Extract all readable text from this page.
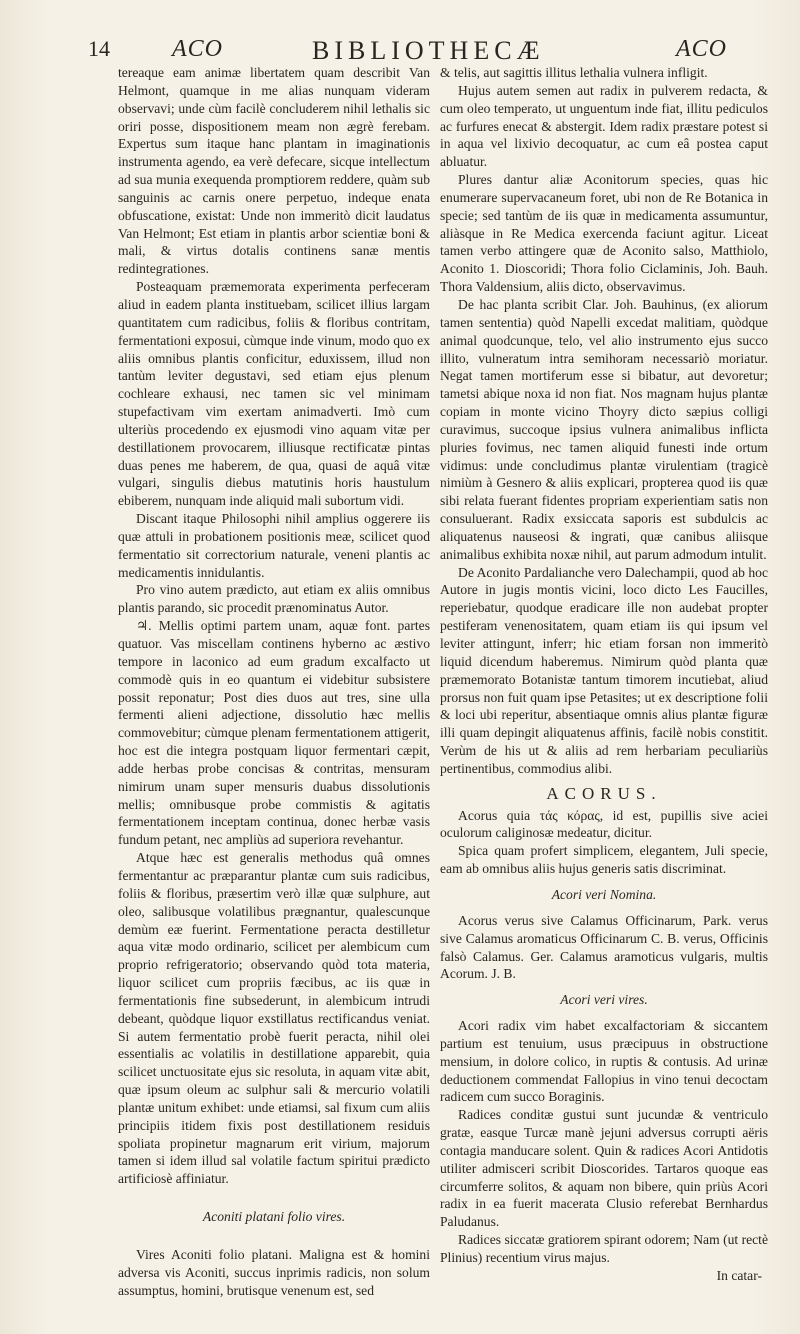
14	ACO	BIBLIOTHECÆ	ACO

tereaque eam animæ libertatem quam describit Van Helmont, quamque in me alias nunquam videram observavi; unde cùm facilè concluderem nihil lethalis sic oriri posse, dispositionem meam non ægrè ferebam. Expertus sum itaque hanc plantam in imaginationis instrumenta agendo, ea verè defecare, sicque intellectum ad sua munia exequenda promptiorem reddere, quàm sub sanguinis ac carnis onere perpetuo, indeque enata obfuscatione, existat: Unde non immeritò dicit laudatus Van Helmont; Est etiam in plantis arbor scientiæ boni & mali, & virtus dotalis continens sanæ mentis redintegrationes.

Posteaquam præmemorata experimenta perfeceram aliud in eadem planta instituebam, scilicet illius largam quantitatem cum radicibus, foliis & floribus contritam, fermentationi exposui, cùmque inde vinum, modo quo ex aliis omnibus plantis conficitur, eduxissem, illud non tantùm leviter degustavi, sed etiam ejus plenum cochleare exhausi, nec tamen sic vel minimam stupefactivam vim exertam animadverti. Imò cum ulteriùs procedendo ex ejusmodi vino aquam vitæ per destillationem provocarem, illiusque rectificatæ pintas duas penes me haberem, de qua, quasi de aquâ vitæ vulgari, singulis diebus matutinis horis haustulum ebiberem, nunquam inde aliquid mali subortum vidi.

Discant itaque Philosophi nihil amplius oggerere iis quæ attuli in probationem positionis meæ, scilicet quod fermentatio sit correctorium naturale, veneni plantis ac medicamentis innidulantis.

Pro vino autem prædicto, aut etiam ex aliis omnibus plantis parando, sic procedit prænominatus Autor.

♃. Mellis optimi partem unam, aquæ font. partes quatuor. Vas miscellam continens hyberno ac æstivo tempore in laconico ad eum gradum excalfacto ut commodè quis in eo quantum ei videbitur subsistere possit reponatur; Post dies duos aut tres, sine ulla fermenti alieni adjectione, dissolutio hæc mellis commovebitur; cùmque plenam fermentationem attigerit, hoc est die integra postquam liquor fermentari cæpit, adde herbas probe concisas & contritas, mensuram nimirum unam super mensuris duabus dissolutionis mellis; omnibusque probe commistis & agitatis fermentationem inceptam continua, donec herbæ vasis fundum petant, nec ampliùs ad superiora revehantur.

Atque hæc est generalis methodus quâ omnes fermentantur ac præparantur plantæ cum suis radicibus, foliis & floribus, præsertim verò illæ quæ sulphure, aut oleo, salibusque volatilibus prægnantur, qualescunque demùm eæ fuerint. Fermentatione peracta destilletur aqua vitæ modo ordinario, scilicet per alembicum cum proprio refrigeratorio; observando quòd tota materia, liquor scilicet cum propriis fæcibus, ac iis quæ in fermentationis fine subsederunt, in alembicum intrudi debeant, quòdque liquor exstillatus rectificandus veniat. Si autem fermentatio probè fuerit peracta, nihil olei essentialis ac volatilis in destillatione apparebit, quia scilicet unctuositate ejus sic resoluta, in aquam vitæ abit, quæ ipsum oleum ac sulphur sali & mercurio volatili plantæ unitum exhibet: unde etiamsi, sal fixum cum aliis principiis itidem fixis post destillationem residuis spoliata propinetur magnarum erit virium, majorum tamen si idem illud sal volatile factum spiritui prædicto artificiosè affiniatur.

Aconiti platani folio vires.

Vires Aconiti folio platani. Maligna est & homini adversa vis Aconiti, succus inprimis radicis, non solum assumptus, homini, brutisque venenum est, sed

& telis, aut sagittis illitus lethalia vulnera infligit.

Hujus autem semen aut radix in pulverem redacta, & cum oleo temperato, ut unguentum inde fiat, illitu pediculos ac furfures enecat & abstergit. Idem radix præstare potest si in aqua vel lixivio decoquatur, ac cum eâ postea caput abluatur.

Plures dantur aliæ Aconitorum species, quas hic enumerare supervacaneum foret, ubi non de Re Botanica in specie; sed tantùm de iis quæ in medicamenta assumuntur, aliàsque in Re Medica exercenda faciunt agitur. Liceat tamen verbo attingere quæ de Aconito salso, Matthiolo, Aconito 1. Dioscoridi; Thora folio Ciclaminis, Joh. Bauh. Thora Valdensium, aliis dicto, observavimus.

De hac planta scribit Clar. Joh. Bauhinus, (ex aliorum tamen sententia) quòd Napelli excedat malitiam, quòdque animal quodcunque, telo, vel alio instrumento ejus succo illito, vulneratum intra semihoram necessariò moriatur. Negat tamen mortiferum esse si bibatur, aut devoretur; tametsi abique noxa id non fiat. Nos magnam hujus plantæ copiam in monte vicino Thoyry dicto sæpius colligi curavimus, succoque ipsius vulnera animalibus inflicta pluries fovimus, nec tamen aliquid funesti inde ortum vidimus: unde concludimus plantæ virulentiam (tragicè nimiùm à Gesnero & aliis explicari, propterea quod iis quæ sibi relata fuerant fidentes propriam experientiam satis non consuluerant. Radix exsiccata saporis est subdulcis ac aliquatenus nauseosi & ingrati, quæ canibus aliisque animalibus exhibita noxæ nihil, aut parum admodum intulit.

De Aconito Pardalianche vero Dalechampii, quod ab hoc Autore in jugis montis vicini, loco dicto Les Faucilles, reperiebatur, quodque eradicare ille non audebat propter pestiferam venenositatem, quam etiam iis qui ipsum vel leviter attingunt, inferr; hic etiam forsan non immeritò liquid dicendum haberemus. Nimirum quòd planta quæ præmemorato Botanistæ tantum timorem incutiebat, aliud prorsus non fuit quam ipse Petasites; ut ex descriptione folii & loci ubi reperitur, absentiaque omnis alius plantæ figuræ illi quam depingit aliquatenus affinis, facilè nobis constitit. Verùm de his ut & aliis ad rem herbariam peculiariùs pertinentibus, commodius alibi.

ACORUS.

Acorus quia τάς κόρας, id est, pupillis sive aciei oculorum caliginosæ medeatur, dicitur.

Spica quam profert simplicem, elegantem, Juli specie, eam ab omnibus aliis hujus generis satis discriminat.

Acori veri Nomina.

Acorus verus sive Calamus Officinarum, Park. verus sive Calamus aromaticus Officinarum C. B. verus, Officinis falsò Calamus. Ger. Calamus aramoticus vulgaris, multis Acorum. J. B.

Acori veri vires.

Acori radix vim habet excalfactoriam & siccantem partium est tenuium, usus præcipuus in obstructione mensium, in dolore colico, in ruptis & contusis. Ad urinæ deductionem commendat Fallopius in vino tenui decoctam radicem cum succo Boraginis.

Radices conditæ gustui sunt jucundæ & ventriculo gratæ, easque Turcæ manè jejuni adversus corrupti aëris contagia manducare solent. Quin & radices Acori Antidotis utiliter admisceri scribit Dioscorides. Tartaros quoque eas circumferre solitos, & aquam non bibere, quin priùs Acori radix in ea fuerit macerata Clusio referebat Bernhardus Paludanus.

Radices siccatæ gratiorem spirant odorem; Nam (ut rectè Plinius) recentium virus majus.

In catar-
